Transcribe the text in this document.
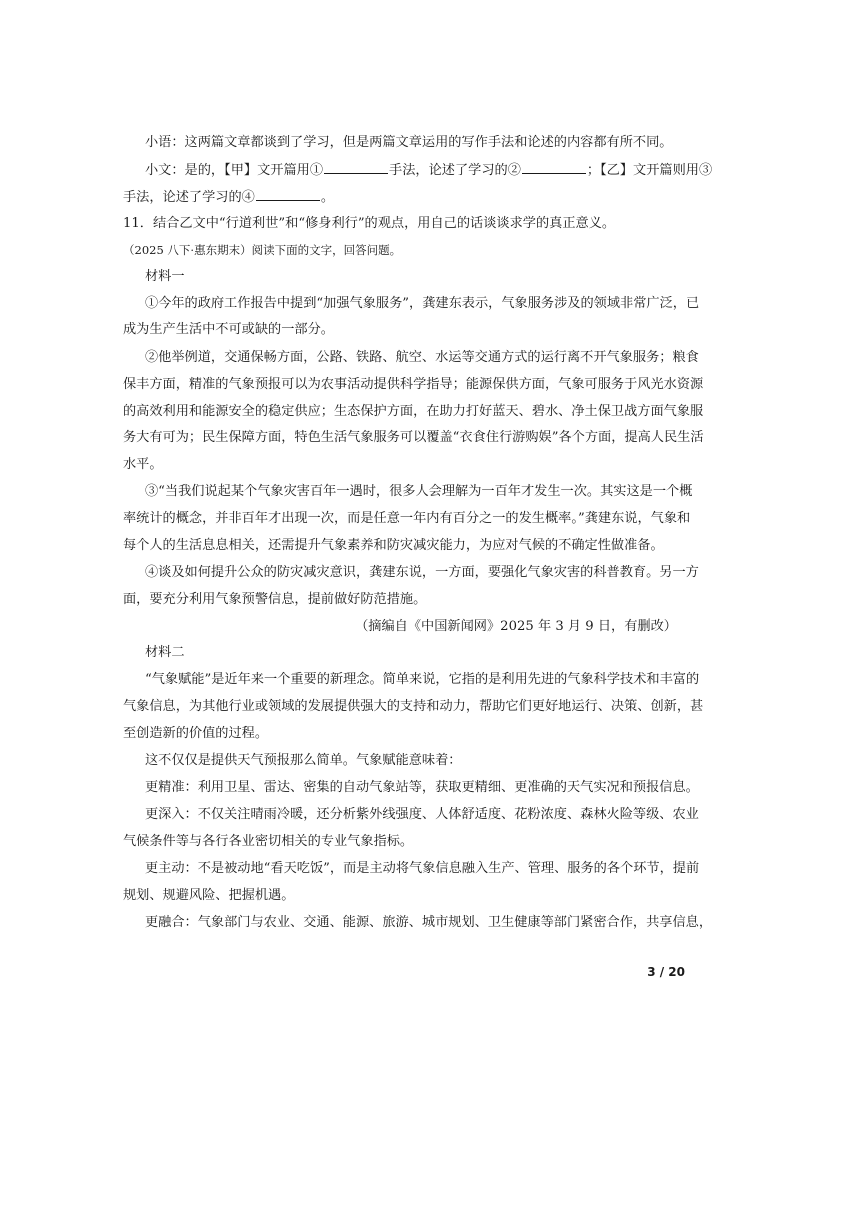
小语：这两篇文章都谈到了学习，但是两篇文章运用的写作手法和论述的内容都有所不同。
小文：是的，【甲】文开篇用①	手法，论述了学习的②	；【乙】文开篇则用③
手法，论述了学习的④	。
11．结合乙文中“行道利世”和“修身利行”的观点，用自己的话谈谈求学的真正意义。
（2025 八下·惠东期末）阅读下面的文字，回答问题。
材料一
①今年的政府工作报告中提到“加强气象服务”，龚建东表示，气象服务涉及的领域非常广泛，已
成为生产生活中不可或缺的一部分。
②他举例道，交通保畅方面，公路、铁路、航空、水运等交通方式的运行离不开气象服务；粮食
保丰方面，精准的气象预报可以为农事活动提供科学指导；能源保供方面，气象可服务于风光水资源
的高效利用和能源安全的稳定供应；生态保护方面，在助力打好蓝天、碧水、净土保卫战方面气象服
务大有可为；民生保障方面，特色生活气象服务可以覆盖“衣食住行游购娱”各个方面，提高人民生活
水平。
③“当我们说起某个气象灾害百年一遇时，很多人会理解为一百年才发生一次。其实这是一个概
率统计的概念，并非百年才出现一次，而是任意一年内有百分之一的发生概率。”龚建东说，气象和
每个人的生活息息相关，还需提升气象素养和防灾减灾能力，为应对气候的不确定性做准备。
④谈及如何提升公众的防灾减灾意识，龚建东说，一方面，要强化气象灾害的科普教育。另一方
面，要充分利用气象预警信息，提前做好防范措施。
（摘编自《中国新闻网》2025 年 3 月 9 日，有删改）
材料二
“气象赋能”是近年来一个重要的新理念。简单来说，它指的是利用先进的气象科学技术和丰富的
气象信息，为其他行业或领域的发展提供强大的支持和动力，帮助它们更好地运行、决策、创新，甚
至创造新的价值的过程。
这不仅仅是提供天气预报那么简单。气象赋能意味着：
更精准：利用卫星、雷达、密集的自动气象站等，获取更精细、更准确的天气实况和预报信息。
更深入：不仅关注晴雨冷暖，还分析紫外线强度、人体舒适度、花粉浓度、森林火险等级、农业
气候条件等与各行各业密切相关的专业气象指标。
更主动：不是被动地“看天吃饭”，而是主动将气象信息融入生产、管理、服务的各个环节，提前
规划、规避风险、把握机遇。
更融合：气象部门与农业、交通、能源、旅游、城市规划、卫生健康等部门紧密合作，共享信息，
3 / 20
